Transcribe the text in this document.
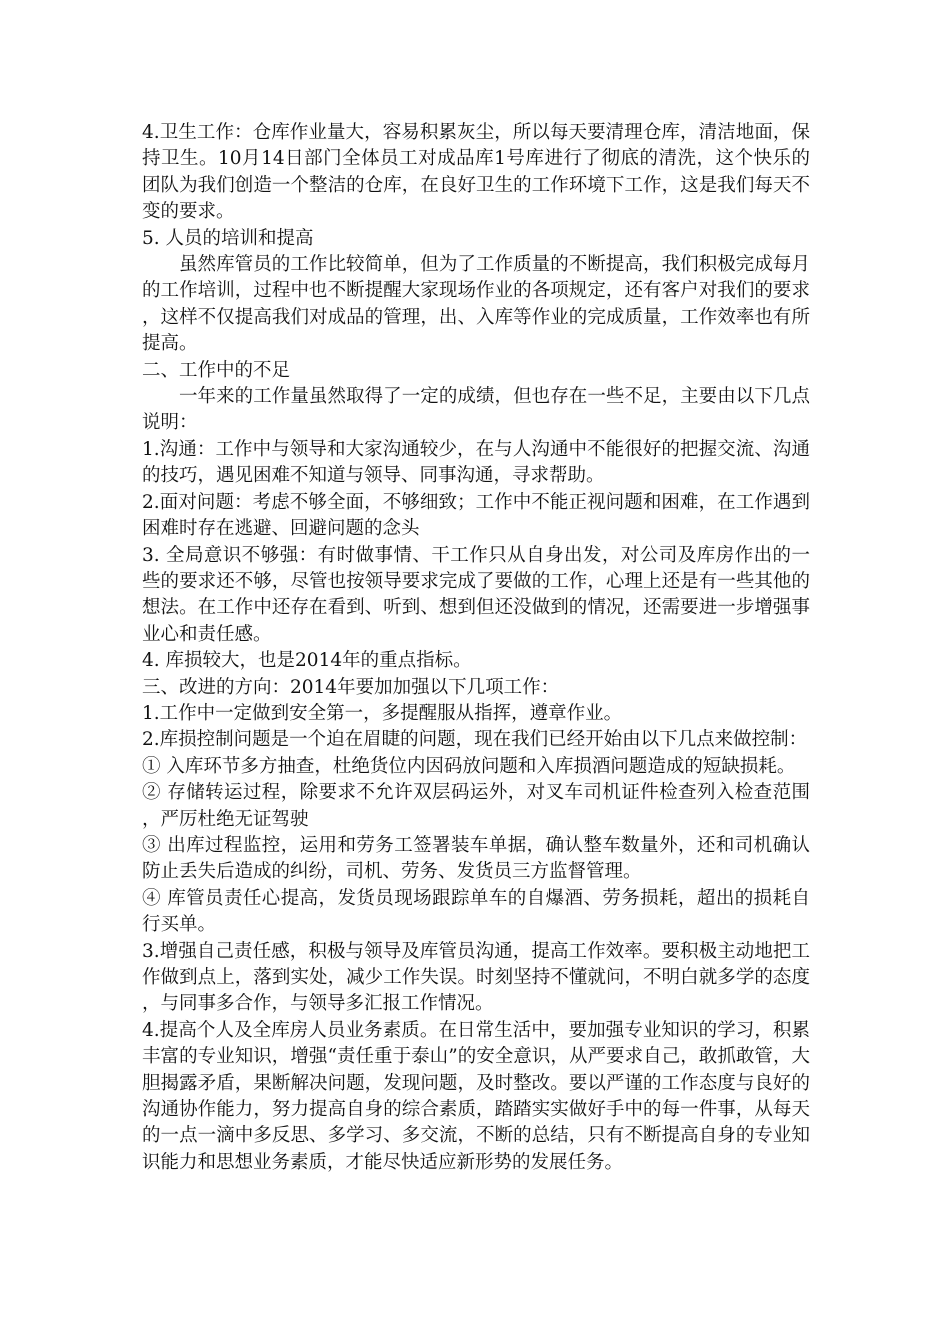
4.卫生工作：仓库作业量大，容易积累灰尘，所以每天要清理仓库，清洁地面，保持卫生。10月14日部门全体员工对成品库1号库进行了彻底的清洗，这个快乐的团队为我们创造一个整洁的仓库，在良好卫生的工作环境下工作，这是我们每天不变的要求。

5. 人员的培训和提高

虽然库管员的工作比较简单，但为了工作质量的不断提高，我们积极完成每月的工作培训，过程中也不断提醒大家现场作业的各项规定，还有客户对我们的要求，这样不仅提高我们对成品的管理，出、入库等作业的完成质量，工作效率也有所提高。

二、工作中的不足

一年来的工作量虽然取得了一定的成绩，但也存在一些不足，主要由以下几点说明：

1.沟通：工作中与领导和大家沟通较少，在与人沟通中不能很好的把握交流、沟通的技巧，遇见困难不知道与领导、同事沟通，寻求帮助。

2.面对问题：考虑不够全面，不够细致；工作中不能正视问题和困难，在工作遇到困难时存在逃避、回避问题的念头

3. 全局意识不够强：有时做事情、干工作只从自身出发，对公司及库房作出的一些的要求还不够，尽管也按领导要求完成了要做的工作，心理上还是有一些其他的想法。在工作中还存在看到、听到、想到但还没做到的情况，还需要进一步增强事业心和责任感。

4. 库损较大，也是2014年的重点指标。

三、改进的方向：2014年要加加强以下几项工作：

1.工作中一定做到安全第一，多提醒服从指挥，遵章作业。

2.库损控制问题是一个迫在眉睫的问题，现在我们已经开始由以下几点来做控制：

① 入库环节多方抽查，杜绝货位内因码放问题和入库损酒问题造成的短缺损耗。

② 存储转运过程，除要求不允许双层码运外，对叉车司机证件检查列入检查范围，严厉杜绝无证驾驶

③ 出库过程监控，运用和劳务工签署装车单据，确认整车数量外，还和司机确认防止丢失后造成的纠纷，司机、劳务、发货员三方监督管理。

④ 库管员责任心提高，发货员现场跟踪单车的自爆酒、劳务损耗，超出的损耗自行买单。

3.增强自己责任感，积极与领导及库管员沟通，提高工作效率。要积极主动地把工作做到点上，落到实处，减少工作失误。时刻坚持不懂就问，不明白就多学的态度，与同事多合作，与领导多汇报工作情况。

4.提高个人及全库房人员业务素质。在日常生活中，要加强专业知识的学习，积累丰富的专业知识，增强“责任重于泰山”的安全意识，从严要求自己，敢抓敢管，大胆揭露矛盾，果断解决问题，发现问题，及时整改。要以严谨的工作态度与良好的沟通协作能力，努力提高自身的综合素质，踏踏实实做好手中的每一件事，从每天的一点一滴中多反思、多学习、多交流，不断的总结，只有不断提高自身的专业知识能力和思想业务素质，才能尽快适应新形势的发展任务。
